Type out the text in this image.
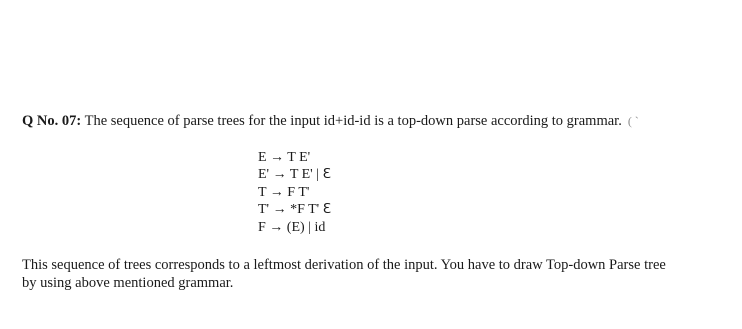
Q No. 07: The sequence of parse trees for the input id+id-id is a top-down parse according to grammar. ( `
E → T E'
E' → T E' | ℇ
T → F T'
T' → *F T' ℇ
F → (E) | id
This sequence of trees corresponds to a leftmost derivation of the input. You have to draw Top-down Parse tree
by using above mentioned grammar.
